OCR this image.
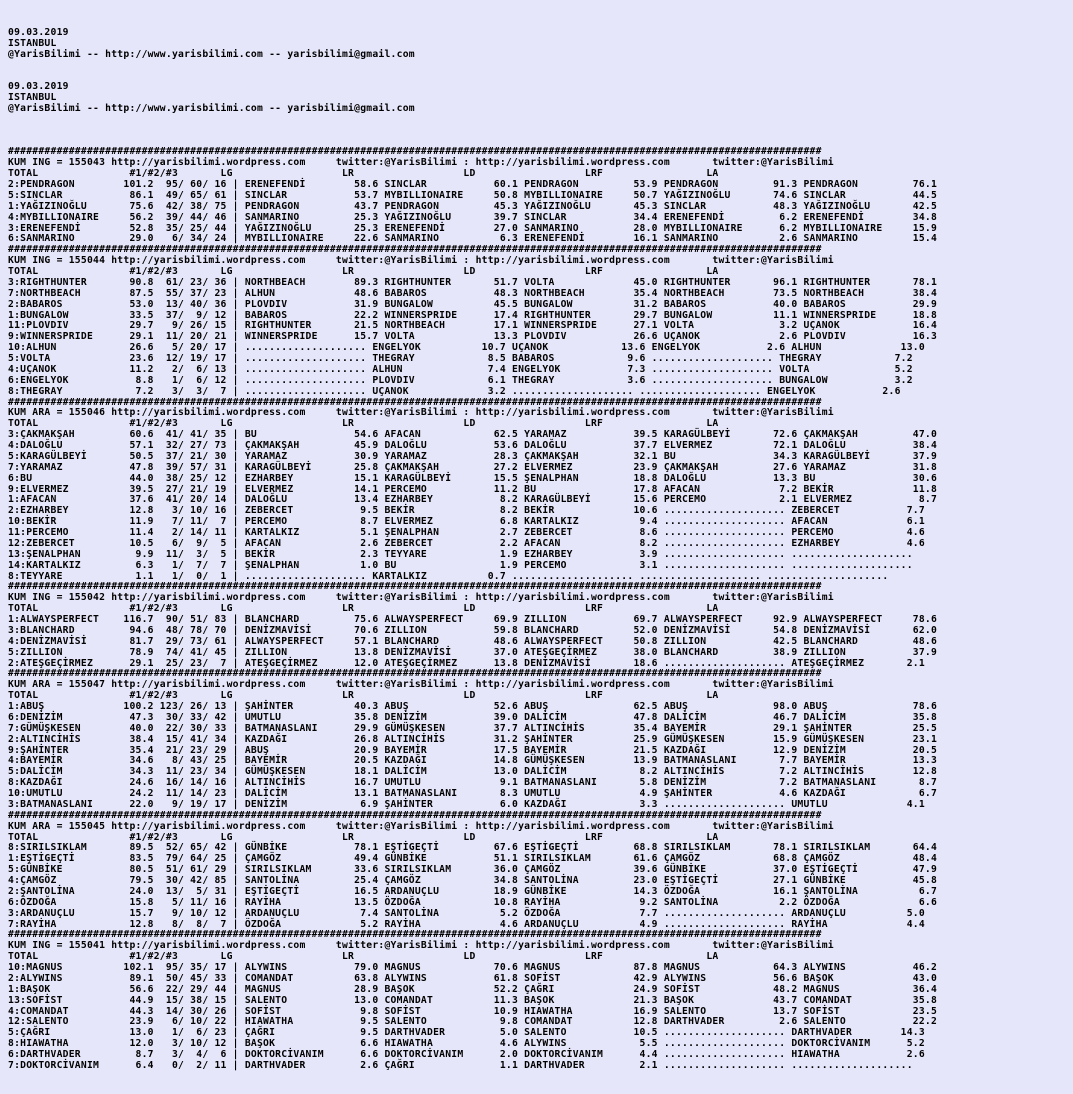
09.03.2019
ISTANBUL
@YarisBilimi -- http://www.yarisbilimi.com -- yarisbilimi@gmail.com
09.03.2019
ISTANBUL
@YarisBilimi -- http://www.yarisbilimi.com -- yarisbilimi@gmail.com

######################################################################################################################################
KUM ING = 155043 http://yarisbilimi.wordpress.com     twitter:@YarisBilimi : http://yarisbilimi.wordpress.com       twitter:@YarisBilimi
TOTAL               #1/#2/#3       LG                  LR                  LD                  LRF                 LA
2:PENDRAGON        101.2  95/ 60/ 16 | ERENEFENDİ        58.6 SINCLAR           60.1 PENDRAGON         53.9 PENDRAGON         91.3 PENDRAGON         76.1
5:SINCLAR           86.1  49/ 65/ 61 | SINCLAR           53.7 MYBILLIONAIRE     50.8 MYBILLIONAIRE     50.7 YAĞIZINOĞLU       74.6 SINCLAR           44.5
1:YAĞIZINOĞLU       75.6  42/ 38/ 75 | PENDRAGON         43.7 PENDRAGON         45.3 YAĞIZINOĞLU       45.3 SINCLAR           48.3 YAĞIZINOĞLU       42.5
4:MYBILLIONAIRE     56.2  39/ 44/ 46 | SANMARINO         25.3 YAĞIZINOĞLU       39.7 SINCLAR           34.4 ERENEFENDİ         6.2 ERENEFENDİ        34.8
3:ERENEFENDİ        52.8  35/ 25/ 44 | YAĞIZINOĞLU       25.3 ERENEFENDİ        27.0 SANMARINO         28.0 MYBILLIONAIRE      6.2 MYBILLIONAIRE     15.9
6:SANMARINO         29.0   6/ 34/ 24 | MYBILLIONAIRE     22.6 SANMARINO          6.3 ERENEFENDİ        16.1 SANMARINO          2.6 SANMARINO         15.4
######################################################################################################################################
KUM ING = 155044 http://yarisbilimi.wordpress.com     twitter:@YarisBilimi : http://yarisbilimi.wordpress.com       twitter:@YarisBilimi
TOTAL               #1/#2/#3       LG                  LR                  LD                  LRF                 LA
3:RIGHTHUNTER       90.8  61/ 23/ 36 | NORTHBEACH        89.3 RIGHTHUNTER       51.7 VOLTA             45.0 RIGHTHUNTER       96.1 RIGHTHUNTER       78.1
7:NORTHBEACH        87.5  55/ 37/ 23 | ALHUN             48.6 BABAROS           48.3 NORTHBEACH        35.4 NORTHBEACH        73.5 NORTHBEACH        38.4
2:BABAROS           53.0  13/ 40/ 36 | PLOVDIV           31.9 BUNGALOW          45.5 BUNGALOW          31.2 BABAROS           40.0 BABAROS           29.9
1:BUNGALOW          33.5  37/  9/ 12 | BABAROS           22.2 WINNERSPRIDE      17.4 RIGHTHUNTER       29.7 BUNGALOW          11.1 WINNERSPRIDE      18.8
11:PLOVDIV          29.7   9/ 26/ 15 | RIGHTHUNTER       21.5 NORTHBEACH        17.1 WINNERSPRIDE      27.1 VOLTA              3.2 UÇANOK            16.4
9:WINNERSPRIDE      29.1  11/ 20/ 21 | WINNERSPRIDE      15.7 VOLTA             13.3 PLOVDIV           26.6 UÇANOK             2.6 PLOVDIV           16.3
10:ALHUN            26.6   5/ 20/ 17 | .................... ENGELYOK          10.7 UÇANOK            13.6 ENGELYOK           2.6 ALHUN             13.0
5:VOLTA             23.6  12/ 19/ 17 | .................... THEGRAY            8.5 BABAROS            9.6 .................... THEGRAY            7.2
4:UÇANOK            11.2   2/  6/ 13 | .................... ALHUN              7.4 ENGELYOK           7.3 .................... VOLTA              5.2
6:ENGELYOK           8.8   1/  6/ 12 | .................... PLOVDIV            6.1 THEGRAY            3.6 .................... BUNGALOW           3.2
8:THEGRAY            7.2   3/  3/  7 | .................... UÇANOK             3.2 .................... .................... ENGELYOK           2.6
######################################################################################################################################
KUM ARA = 155046 http://yarisbilimi.wordpress.com     twitter:@YarisBilimi : http://yarisbilimi.wordpress.com       twitter:@YarisBilimi
TOTAL               #1/#2/#3       LG                  LR                  LD                  LRF                 LA
3:ÇAKMAKŞAH         60.6  41/ 41/ 35 | BU                54.6 AFACAN            62.5 YARAMAZ           39.5 KARAGÜLBEYİ       72.6 ÇAKMAKŞAH         47.0
4:DALOĞLU           57.1  32/ 27/ 73 | ÇAKMAKŞAH         45.9 DALOĞLU           53.6 DALOĞLU           37.7 ELVERMEZ          72.1 DALOĞLU           38.4
5:KARAGÜLBEYİ       50.5  37/ 21/ 30 | YARAMAZ           30.9 YARAMAZ           28.3 ÇAKMAKŞAH         32.1 BU                34.3 KARAGÜLBEYİ       37.9
7:YARAMAZ           47.8  39/ 57/ 31 | KARAGÜLBEYİ       25.8 ÇAKMAKŞAH         27.2 ELVERMEZ          23.9 ÇAKMAKŞAH         27.6 YARAMAZ           31.8
6:BU                44.0  38/ 25/ 12 | EZHARBEY          15.1 KARAGÜLBEYİ       15.5 ŞENALPHAN         18.8 DALOĞLU           13.3 BU                30.6
9:ELVERMEZ          39.5  27/ 21/ 19 | ELVERMEZ          14.1 PERCEMO           11.2 BU                17.8 AFACAN             7.2 BEKİR             11.8
1:AFACAN            37.6  41/ 20/ 14 | DALOĞLU           13.4 EZHARBEY           8.2 KARAGÜLBEYİ       15.6 PERCEMO            2.1 ELVERMEZ           8.7
2:EZHARBEY          12.8   3/ 10/ 16 | ZEBERCET           9.5 BEKİR              8.2 BEKİR             10.6 .................... ZEBERCET           7.7
10:BEKİR            11.9   7/ 11/  7 | PERCEMO            8.7 ELVERMEZ           6.8 KARTALKIZ          9.4 .................... AFACAN             6.1
11:PERCEMO          11.4   2/ 14/ 11 | KARTALKIZ          5.1 ŞENALPHAN          2.7 ZEBERCET           8.6 .................... PERCEMO            4.6
12:ZEBERCET         10.5   6/  9/  5 | AFACAN             2.6 ZEBERCET           2.2 AFACAN             8.2 .................... EZHARBEY           4.6
13:ŞENALPHAN         9.9  11/  3/  5 | BEKİR              2.3 TEYYARE            1.9 EZHARBEY           3.9 .................... ....................
14:KARTALKIZ         6.3   1/  7/  7 | ŞENALPHAN          1.0 BU                 1.9 PERCEMO            3.1 .................... ....................
8:TEYYARE            1.1   1/  0/  1 | .................... KARTALKIZ          0.7 .................... .................... ....................
######################################################################################################################################
KUM ING = 155042 http://yarisbilimi.wordpress.com     twitter:@YarisBilimi : http://yarisbilimi.wordpress.com       twitter:@YarisBilimi
TOTAL               #1/#2/#3       LG                  LR                  LD                  LRF                 LA
1:ALWAYSPERFECT    116.7  90/ 51/ 83 | BLANCHARD         75.6 ALWAYSPERFECT     69.9 ZILLION           69.7 ALWAYSPERFECT     92.9 ALWAYSPERFECT     78.6
3:BLANCHARD         94.6  48/ 78/ 70 | DENİZMAVİSİ       70.6 ZILLION           59.8 BLANCHARD         52.0 DENİZMAVİSİ       54.8 DENİZMAVİSİ       62.0
4:DENİZMAVİSİ       81.7  29/ 73/ 61 | ALWAYSPERFECT     57.1 BLANCHARD         48.6 ALWAYSPERFECT     50.8 ZILLION           42.5 BLANCHARD         48.6
5:ZILLION           78.9  74/ 41/ 45 | ZILLION           13.8 DENİZMAVİSİ       37.0 ATEŞGEÇİRMEZ      38.0 BLANCHARD         38.9 ZILLION           37.9
2:ATEŞGEÇİRMEZ      29.1  25/ 23/  7 | ATEŞGEÇİRMEZ      12.0 ATEŞGEÇİRMEZ      13.8 DENİZMAVİSİ       18.6 .................... ATEŞGEÇİRMEZ       2.1
######################################################################################################################################
KUM ARA = 155047 http://yarisbilimi.wordpress.com     twitter:@YarisBilimi : http://yarisbilimi.wordpress.com       twitter:@YarisBilimi
TOTAL               #1/#2/#3       LG                  LR                  LD                  LRF                 LA
1:ABUŞ             100.2 123/ 26/ 13 | ŞAHİNTER          40.3 ABUŞ              52.6 ABUŞ              62.5 ABUŞ              98.0 ABUŞ              78.6
6:DENİZİM           47.3  30/ 33/ 42 | UMUTLU            35.8 DENİZİM           39.0 DALİCİM           47.8 DALİCİM           46.7 DALİCİM           35.8
7:GÜMÜŞKESEN        40.0  22/ 30/ 33 | BATMANASLANI      29.9 GÜMÜŞKESEN        37.7 ALTINCİHİS        35.4 BAYEMİR           29.1 ŞAHİNTER          25.5
2:ALTINCİHİS        38.4  15/ 41/ 34 | KAZDAĞI           26.8 ALTINCİHİS        31.2 ŞAHİNTER          25.9 GÜMÜŞKESEN        15.9 GÜMÜŞKESEN        23.1
9:ŞAHİNTER          35.4  21/ 23/ 29 | ABUŞ              20.9 BAYEMİR           17.5 BAYEMİR           21.5 KAZDAĞI           12.9 DENİZİM           20.5
4:BAYEMİR           34.6   8/ 43/ 25 | BAYEMİR           20.5 KAZDAĞI           14.8 GÜMÜŞKESEN        13.9 BATMANASLANI       7.7 BAYEMİR           13.3
5:DALİCİM           34.3  11/ 23/ 34 | GÜMÜŞKESEN        18.1 DALİCİM           13.0 DALİCİM            8.2 ALTINCİHİS         7.2 ALTINCİHİS        12.8
8:KAZDAĞI           24.6  16/ 14/ 16 | ALTINCİHİS        16.7 UMUTLU             9.1 BATMANASLANI       5.8 DENİZİM            7.2 BATMANASLANI       8.7
10:UMUTLU           24.2  11/ 14/ 23 | DALİCİM           13.1 BATMANASLANI       8.3 UMUTLU             4.9 ŞAHİNTER           4.6 KAZDAĞI            6.7
3:BATMANASLANI      22.0   9/ 19/ 17 | DENİZİM            6.9 ŞAHİNTER           6.0 KAZDAĞI            3.3 .................... UMUTLU             4.1
######################################################################################################################################
KUM ARA = 155045 http://yarisbilimi.wordpress.com     twitter:@YarisBilimi : http://yarisbilimi.wordpress.com       twitter:@YarisBilimi
TOTAL               #1/#2/#3       LG                  LR                  LD                  LRF                 LA
8:SIRILSIKLAM       89.5  52/ 65/ 42 | GÜNBİKE           78.1 EŞTİGEÇTİ         67.6 EŞTİGEÇTİ         68.8 SIRILSIKLAM       78.1 SIRILSIKLAM       64.4
1:EŞTİGEÇTİ         83.5  79/ 64/ 25 | ÇAMGÖZ            49.4 GÜNBİKE           51.1 SIRILSIKLAM       61.6 ÇAMGÖZ            68.8 ÇAMGÖZ            48.4
5:GÜNBİKE           80.5  51/ 61/ 29 | SIRILSIKLAM       33.6 SIRILSIKLAM       36.0 ÇAMGÖZ            39.6 GÜNBİKE           37.0 EŞTİGEÇTİ         47.9
4:ÇAMGÖZ            79.5  30/ 42/ 85 | SANTOLİNA         25.4 ÇAMGÖZ            34.8 SANTOLİNA         23.0 EŞTİGEÇTİ         27.1 GÜNBİKE           45.8
2:ŞANTOLİNA         24.0  13/  5/ 31 | EŞTİGEÇTİ         16.5 ARDANUÇLU         18.9 GÜNBİKE           14.3 ÖZDOĞA            16.1 ŞANTOLİNA          6.7
6:ÖZDOĞA            15.8   5/ 11/ 16 | RAYİHA            13.5 ÖZDOĞA            10.8 RAYİHA             9.2 SANTOLİNA          2.2 ÖZDOĞA             6.6
3:ARDANUÇLU         15.7   9/ 10/ 12 | ARDANUÇLU          7.4 SANTOLİNA          5.2 ÖZDOĞA             7.7 .................... ARDANUÇLU          5.0
7:RAYİHA            12.8   8/  8/  7 | ÖZDOĞA             5.2 RAYİHA             4.6 ARDANUÇLU          4.9 .................... RAYİHA             4.4
######################################################################################################################################
KUM ING = 155041 http://yarisbilimi.wordpress.com     twitter:@YarisBilimi : http://yarisbilimi.wordpress.com       twitter:@YarisBilimi
TOTAL               #1/#2/#3       LG                  LR                  LD                  LRF                 LA
10:MAGNUS          102.1  95/ 35/ 17 | ALYWINS           79.0 MAGNUS            70.6 MAGNUS            87.8 MAGNUS            64.3 ALYWINS           46.2
2:ALYWINS           89.1  50/ 45/ 33 | COMANDAT          63.8 ALYWINS           61.8 SOFİST            42.9 ALYWINS           56.6 BAŞOK             43.0
1:BAŞOK             56.6  22/ 29/ 44 | MAGNUS            28.9 BAŞOK             52.2 ÇAĞRI             24.9 SOFİST            48.2 MAGNUS            36.4
13:SOFİST           44.9  15/ 38/ 15 | SALENTO           13.0 COMANDAT          11.3 BAŞOK             21.3 BAŞOK             43.7 COMANDAT          35.8
4:COMANDAT          44.3  14/ 30/ 26 | SOFİST             9.8 SOFİST            10.9 HIAWATHA          16.9 SALENTO           13.7 SOFİST            23.5
12:SALENTO          23.9   6/ 10/ 22 | HIAWATHA           9.5 SALENTO            9.8 COMANDAT          12.8 DARTHVADER         2.6 SALENTO           22.2
5:ÇAĞRI             13.0   1/  6/ 23 | ÇAĞRI              9.5 DARTHVADER         5.0 SALENTO           10.5 .................... DARTHVADER        14.3
8:HIAWATHA          12.0   3/ 10/ 12 | BAŞOK              6.6 HIAWATHA           4.6 ALYWINS            5.5 .................... DOKTORCİVANIM      5.2
6:DARTHVADER         8.7   3/  4/  6 | DOKTORCİVANIM      6.6 DOKTORCİVANIM      2.0 DOKTORCİVANIM      4.4 .................... HIAWATHA           2.6
7:DOKTORCİVANIM      6.4   0/  2/ 11 | DARTHVADER         2.6 ÇAĞRI              1.1 DARTHVADER         2.1 .................... ....................
